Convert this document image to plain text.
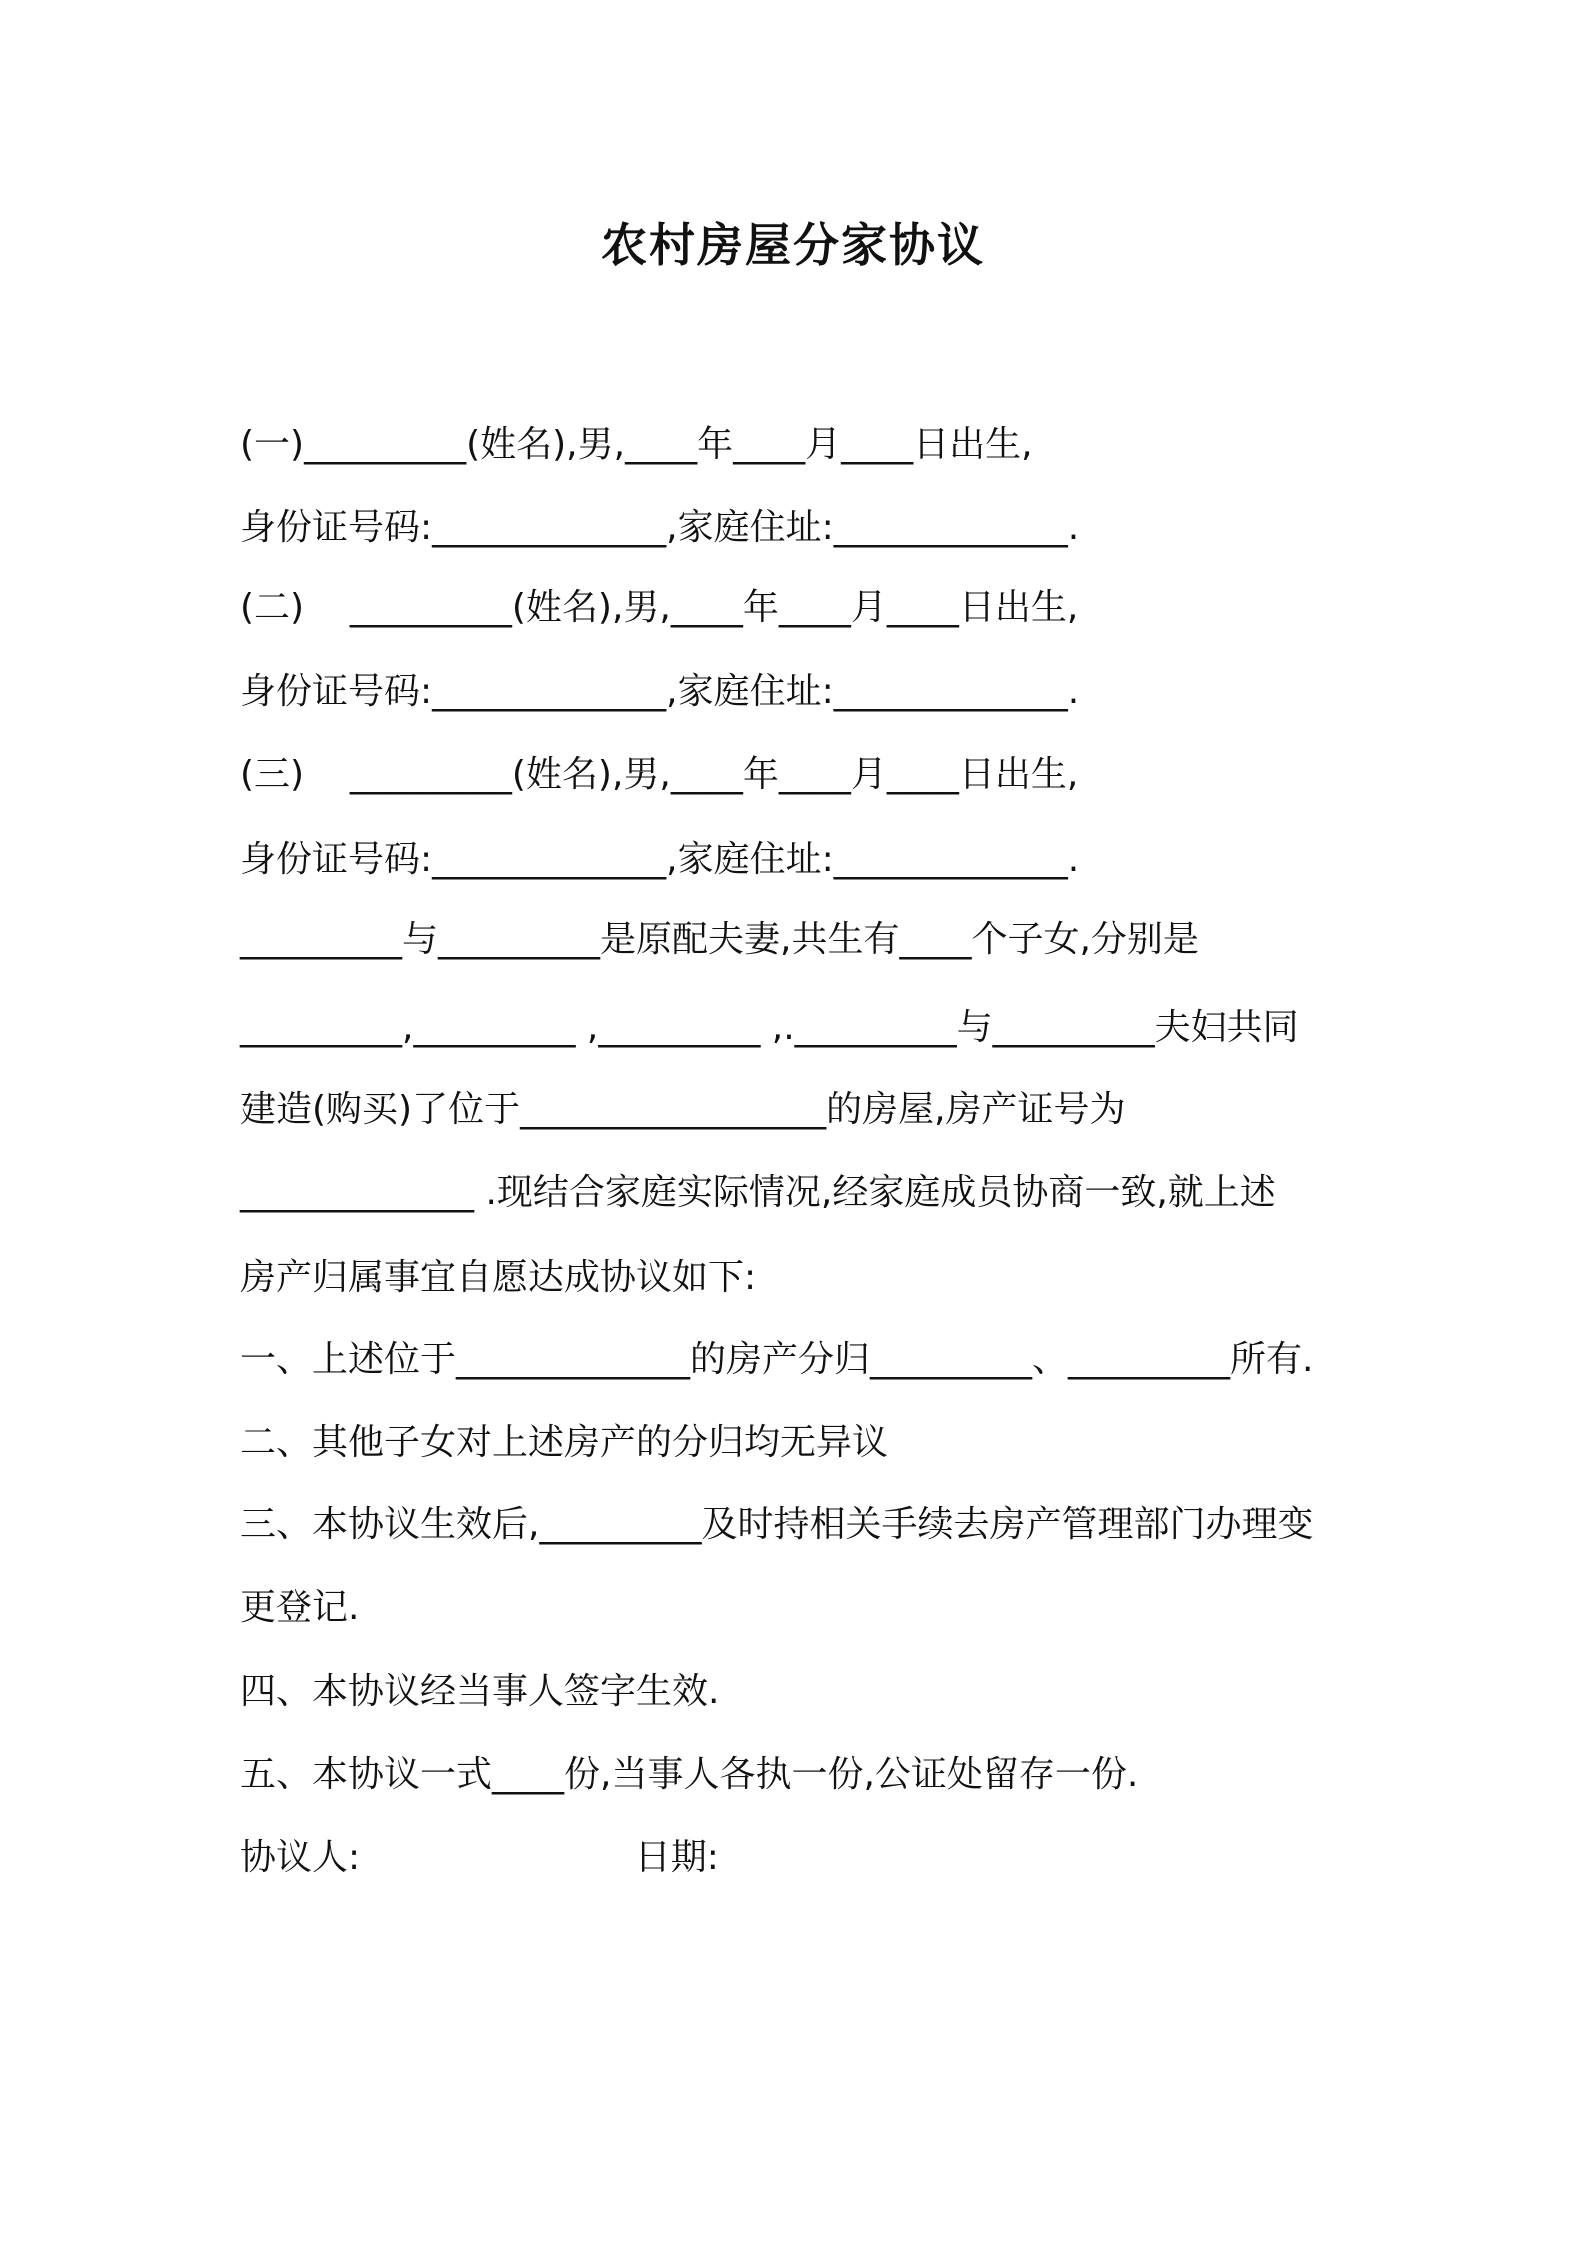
农村房屋分家协议
(一)_________(姓名),男,____年____月____日出生,
身份证号码:_____________,家庭住址:_____________.
(二)    _________(姓名),男,____年____月____日出生,
身份证号码:_____________,家庭住址:_____________.
(三)    _________(姓名),男,____年____月____日出生,
身份证号码:_____________,家庭住址:_____________.
_________与_________是原配夫妻,共生有____个子女,分别是
_________,_________ ,_________ ,._________与_________夫妇共同
建造(购买)了位于_________________的房屋,房产证号为
_____________ .现结合家庭实际情况,经家庭成员协商一致,就上述
房产归属事宜自愿达成协议如下:
一、上述位于_____________的房产分归_________、_________所有.
二、其他子女对上述房产的分归均无异议
三、本协议生效后,_________及时持相关手续去房产管理部门办理变
更登记.
四、本协议经当事人签字生效.
五、本协议一式____份,当事人各执一份,公证处留存一份.
协议人:                        日期:
